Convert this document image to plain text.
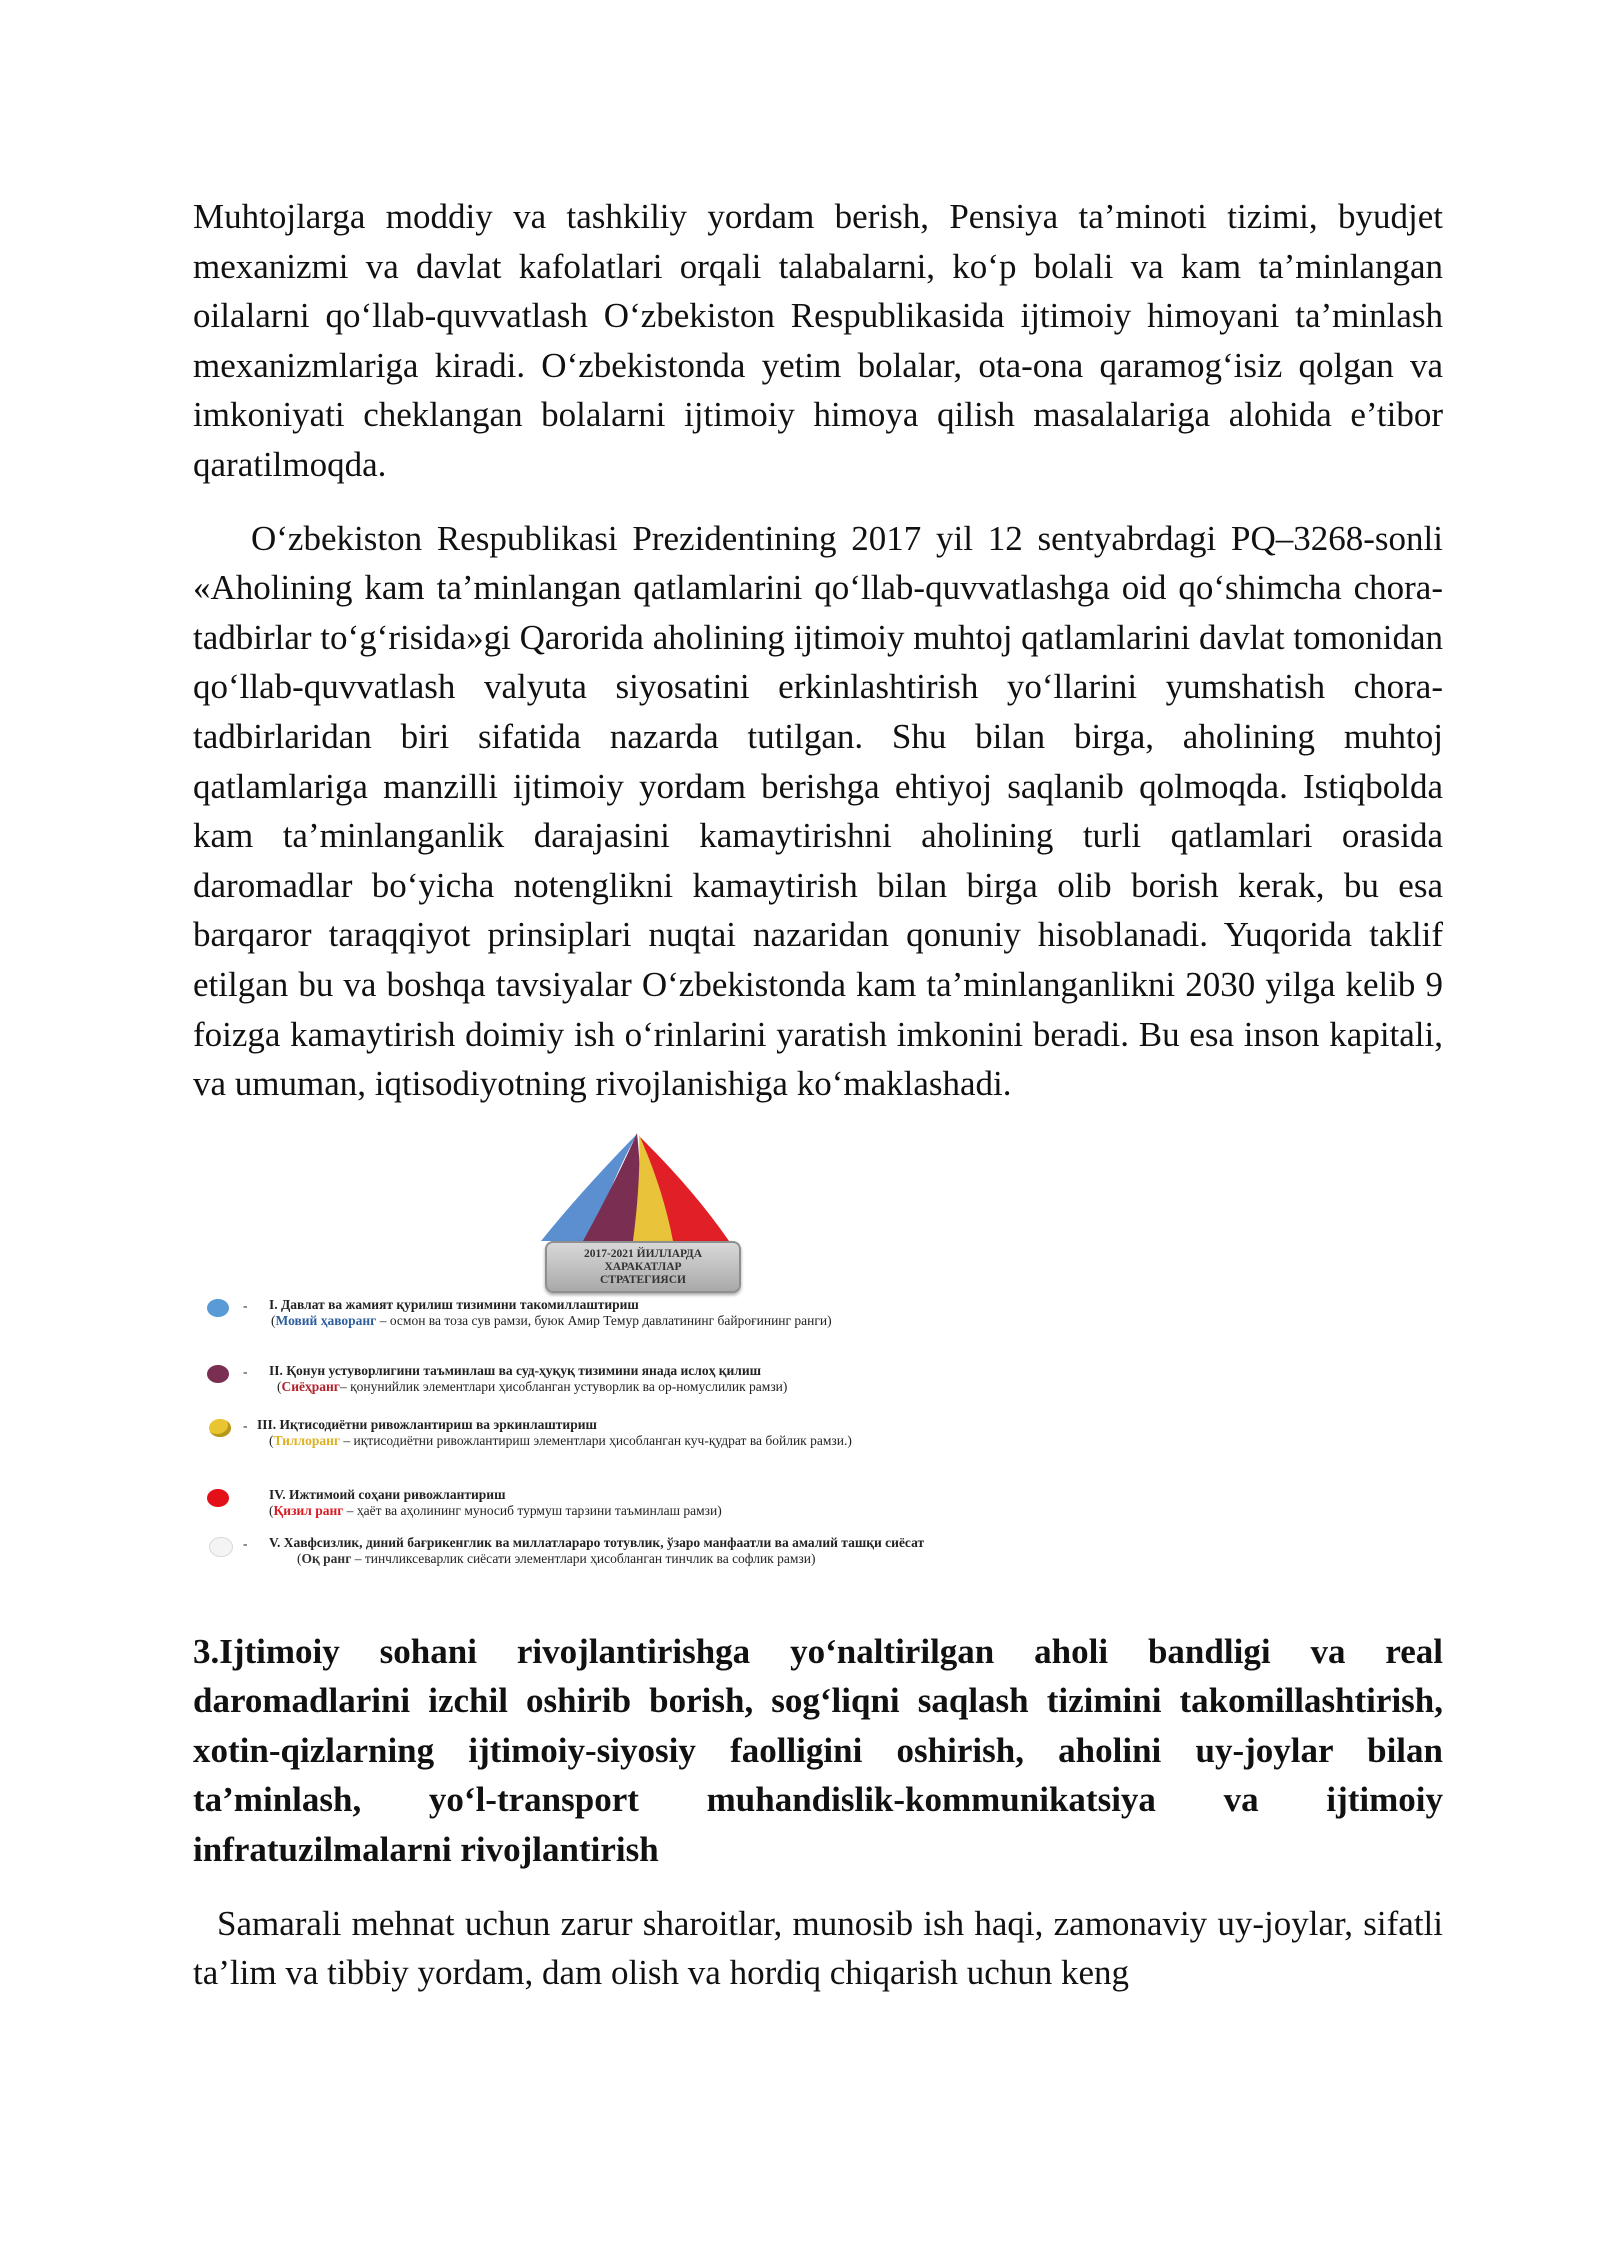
Muhtojlarga moddiy va tashkiliy yordam berish, Pensiya ta’minoti tizimi, byudjet mexanizmi va davlat kafolatlari orqali talabalarni, ko‘p bolali va kam ta’minlangan oilalarni qo‘llab-quvvatlash O‘zbekiston Respublikasida ijtimoiy himoyani ta’minlash mexanizmlariga kiradi. O‘zbekistonda yetim bolalar, ota-ona qaramog‘isiz qolgan va imkoniyati cheklangan bolalarni ijtimoiy himoya qilish masalalariga alohida e’tibor qaratilmoqda.

O‘zbekiston Respublikasi Prezidentining 2017 yil 12 sentyabrdagi PQ–3268-sonli «Aholining kam ta’minlangan qatlamlarini qo‘llab-quvvatlashga oid qo‘shimcha chora-tadbirlar to‘g‘risida»gi Qarorida aholining ijtimoiy muhtoj qatlamlarini davlat tomonidan qo‘llab-quvvatlash valyuta siyosatini erkinlashtirish yo‘llarini yumshatish chora-tadbirlaridan biri sifatida nazarda tutilgan. Shu bilan birga, aholining muhtoj qatlamlariga manzilli ijtimoiy yordam berishga ehtiyoj saqlanib qolmoqda. Istiqbolda kam ta’minlanganlik darajasini kamaytirishni aholining turli qatlamlari orasida daromadlar bo‘yicha notenglikni kamaytirish bilan birga olib borish kerak, bu esa barqaror taraqqiyot prinsiplari nuqtai nazaridan qonuniy hisoblanadi. Yuqorida taklif etilgan bu va boshqa tavsiyalar O‘zbekistonda kam ta’minlanganlikni 2030 yilga kelib 9 foizga kamaytirish doimiy ish o‘rinlarini yaratish imkonini beradi. Bu esa inson kapitali, va umuman, iqtisodiyotning rivojlanishiga ko‘maklashadi.

2017-2021 ЙИЛЛАРДА
ХАРАКАТЛАР
СТРАТЕГИЯСИ
- I. Давлат ва жамият қурилиш тизимини такомиллаштириш
(Мовий ҳаворанг – осмон ва тоза сув рамзи, буюк Амир Темур давлатининг байроғининг ранги)
- II. Қонун устуворлигини таъминлаш ва суд-ҳуқуқ тизимини янада ислоҳ қилиш
(Сиёҳранг– қонунийлик элементлари ҳисобланган устуворлик ва ор-номуслилик рамзи)
- III. Иқтисодиётни ривожлантириш ва эркинлаштириш
(Тиллоранг – иқтисодиётни ривожлантириш элементлари ҳисобланган куч-қудрат ва бойлик рамзи.)
IV. Ижтимоий соҳани ривожлантириш
(Қизил ранг – ҳаёт ва аҳолининг муносиб турмуш тарзини таъминлаш рамзи)
-	V. Хавфсизлик, диний бағрикенглик ва миллатлараро тотувлик, ўзаро манфаатли ва амалий ташқи сиёсат
(Оқ ранг – тинчликсеварлик сиёсати элементлари ҳисобланган тинчлик ва софлик рамзи)
3.Ijtimoiy sohani rivojlantirishga yo‘naltirilgan aholi bandligi va real daromadlarini izchil oshirib borish, sog‘liqni saqlash tizimini takomillashtirish, xotin-qizlarning ijtimoiy-siyosiy faolligini oshirish, aholini uy-joylar bilan ta’minlash, yo‘l-transport muhandislik-kommunikatsiya va ijtimoiy infratuzilmalarni rivojlantirish

Samarali mehnat uchun zarur sharoitlar, munosib ish haqi, zamonaviy uy-joylar, sifatli ta’lim va tibbiy yordam, dam olish va hordiq chiqarish uchun keng
